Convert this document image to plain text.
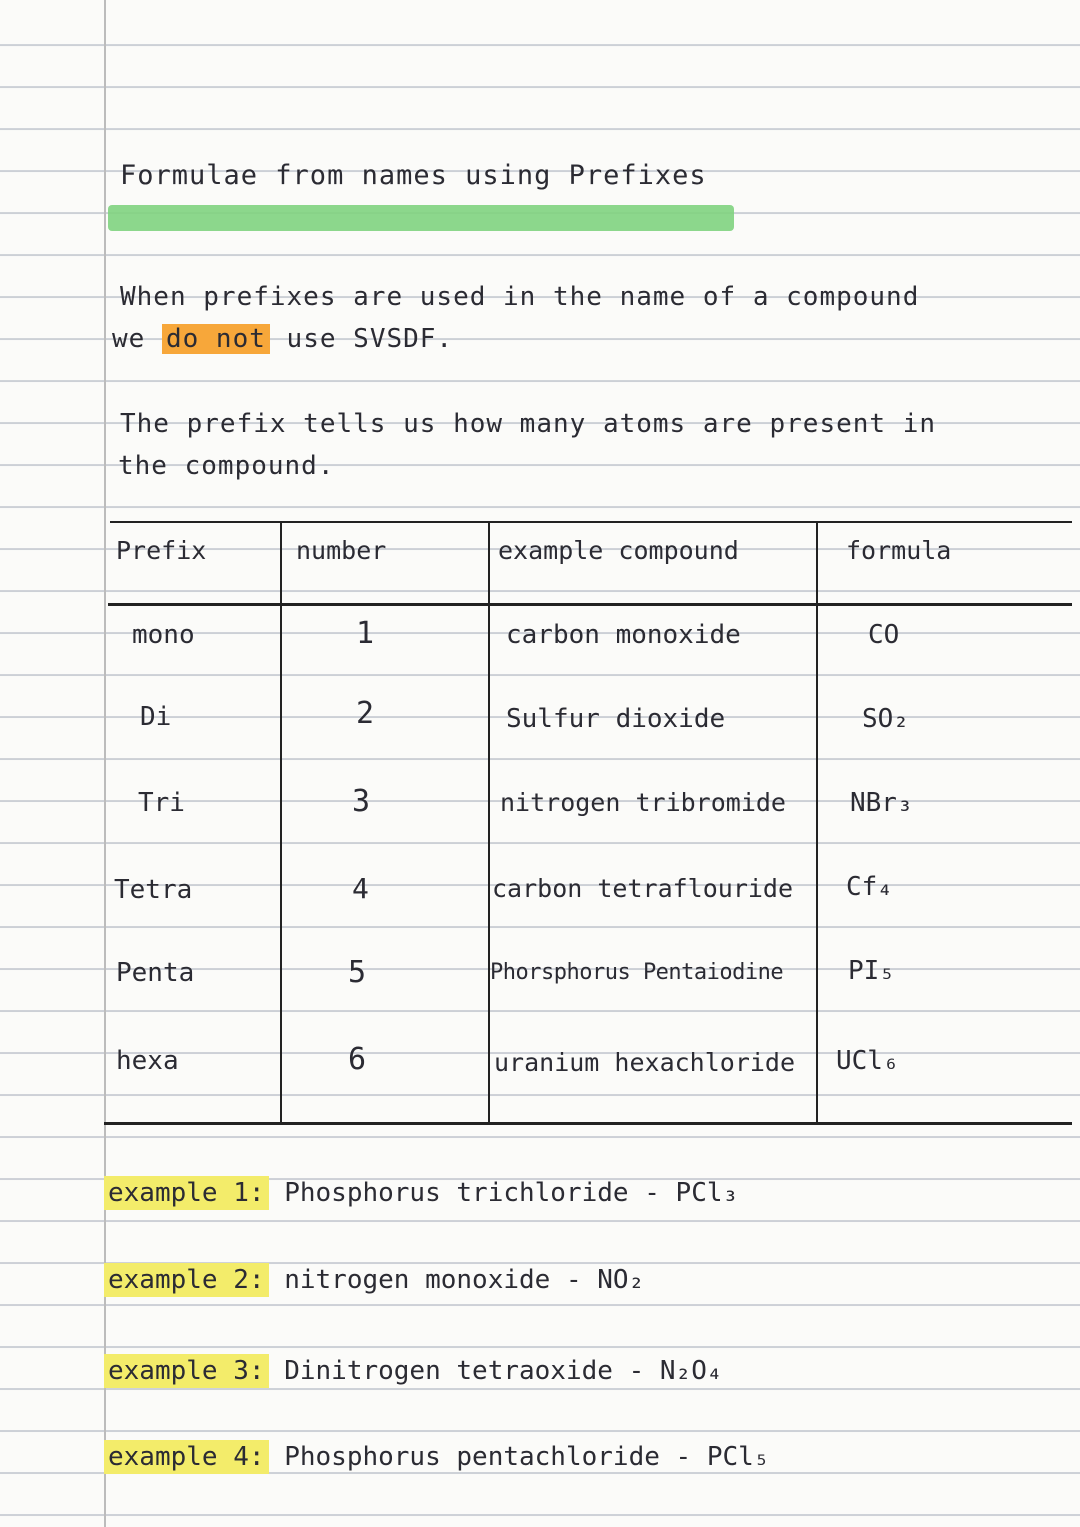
Formulae from names using Prefixes
When prefixes are used in the name of a compound
we do not use SVSDF.
The prefix tells us how many atoms are present in
the compound.
Prefix	number	example compound	formula
mono	1	carbon monoxide	CO
Di	2	Sulfur dioxide	SO₂
Tri	3	nitrogen tribromide NBr₃
Tetra	4	carbon tetraflouride Cf₄
Penta	5	Phorsphorus Pentaiodine PI₅
hexa	6	uranium hexachloride UCl₆
example 1: Phosphorus trichloride - PCl₃
example 2: nitrogen monoxide - NO₂
example 3: Dinitrogen tetraoxide - N₂O₄
example 4: Phosphorus pentachloride - PCl₅
